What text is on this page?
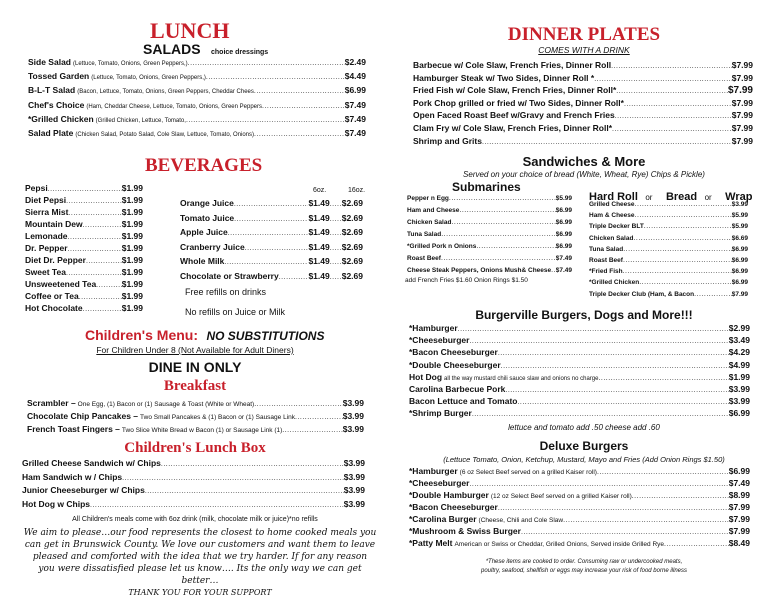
LUNCH
SALADS choice dressings
Side Salad (Lettuce, Tomato, Onions, Green Peppers,) .....	$2.49
Tossed Garden (Lettuce, Tomato, Onions, Green Peppers,) .....	$4.49
B-L-T Salad (Bacon, Lettuce, Tomato, Onions, Green Peppers, Cheddar Chees .....	$6.99
Chef's Choice (Ham, Cheddar Cheese, Lettuce, Tomato, Onions, Green Peppers .....	$7.49
*Grilled Chicken (Grilled Chicken, Lettuce, Tomato, .....	$7.49
Salad Plate (Chicken Salad, Potato Salad, Cole Slaw, Lettuce, Tomato, Onions) .....	$7.49
BEVERAGES
Pepsi .....	$1.99
Diet Pepsi .....	$1.99
Sierra Mist .....	$1.99
Mountain Dew .....	$1.99
Lemonade .....	$1.99
Dr. Pepper .....	$1.99
Diet Dr. Pepper .....	$1.99
Sweet Tea .....	$1.99
Unsweetened Tea .....	$1.99
Coffee or Tea .....	$1.99
Hot Chocolate .....	$1.99
6oz.	16oz.
Orange Juice .....	$1.49 ..... $2.69
Tomato Juice .....	$1.49 ..... $2.69
Apple Juice .....	$1.49 ..... $2.69
Cranberry Juice .....	$1.49 ..... $2.69
Whole Milk .....	$1.49 ..... $2.69
Chocolate or Strawberry .....	$1.49 ..... $2.69
Free refills on drinks
No refills on Juice or Milk
Children's Menu: NO SUBSTITUTIONS
For Children Under 8 (Not Available for Adult Diners)
DINE IN ONLY
Breakfast
Scrambler – One Egg, (1) Bacon or (1) Sausage & Toast (White or Wheat) .....	$3.99
Chocolate Chip Pancakes – Two Small Pancakes & (1) Bacon or (1) Sausage Link .....	$3.99
French Toast Fingers – Two Slice White Bread w Bacon (1) or Sausage Link (1) .....	$3.99
Children's Lunch Box
Grilled Cheese Sandwich w/ Chips .....	$3.99
Ham Sandwich w / Chips .....	$3.99
Junior Cheeseburger w/ Chips .....	$3.99
Hot Dog w Chips .....	$3.99
All Children's meals come with 6oz drink (milk, chocolate milk or juice)*no refills
We aim to please…our food represents the closest to home cooked meals you
can get in Brunswick County. We love our customers and want them to leave
pleased and comforted with the idea that we try harder. If for any reason
you were dissatisfied please let us know…. Its the only way we can get better…
THANK YOU FOR YOUR SUPPORT
DINNER PLATES
COMES WITH A DRINK
Barbecue w/ Cole Slaw, French Fries, Dinner Roll .....	$7.99
Hamburger Steak w/ Two Sides, Dinner Roll * .....	$7.99
Fried Fish w/ Cole Slaw, French Fries, Dinner Roll* .....	$7.99
Pork Chop grilled or fried w/ Two Sides, Dinner Roll* .....	$7.99
Open Faced Roast Beef w/Gravy and French Fries .....	$7.99
Clam Fry w/ Cole Slaw, French Fries, Dinner Roll* .....	$7.99
Shrimp and Grits .....	$7.99
Sandwiches & More
Served on your choice of bread (White, Wheat, Rye) Chips & Pickle)
Submarines
Pepper n Egg .....	$5.99
Ham and Cheese .....	$6.99
Chicken Salad .....	$6.99
Tuna Salad .....	$6.99
*Grilled Pork n Onions .....	$6.99
Roast Beef .....	$7.49
Cheese Steak Peppers, Onions Mush& Cheese ..... $7.49
add French Fries $1.60 Onion Rings $1.50
Hard Roll or Bread or Wrap
Grilled Cheese .....	$3.99
Ham & Cheese .....	$5.99
Triple Decker BLT .....	$5.99
Chicken Salad .....	$6.69
Tuna Salad .....	$6.99
Roast Beef .....	$6.99
*Fried Fish .....	$6.99
*Grilled Chicken .....	$6.99
Triple Decker Club (Ham, & Bacon .....	$7.99
Burgerville Burgers, Dogs and More!!!
*Hamburger .....	$2.99
*Cheeseburger .....	$3.49
*Bacon Cheeseburger .....	$4.29
*Double Cheeseburger .....	$4.99
Hot Dog all the way mustard chili sauce slaw and onions no charge .....	$1.99
Carolina Barbecue Pork .....	$3.99
Bacon Lettuce and Tomato .....	$3.99
*Shrimp Burger .....	$6.99
lettuce and tomato add .50 cheese add .60
Deluxe Burgers
(Lettuce Tomato, Onion, Ketchup, Mustard, Mayo and Fries (Add Onion Rings $1.50)
*Hamburger (6 oz Select Beef served on a grilled Kaiser roll) .....	$6.99
*Cheeseburger .....	$7.49
*Double Hamburger (12 oz Select Beef served on a grilled Kaiser roll) .....	$8.99
*Bacon Cheeseburger .....	$7.99
*Carolina Burger (Cheese, Chili and Cole Slaw .....	$7.99
*Mushroom & Swiss Burger .....	$7.99
*Patty Melt American or Swiss or Cheddar, Grilled Onions, Served inside Grilled Rye .....	$8.49
*These items are cooked to order. Consuming raw or undercooked meats,
poultry, seafood, shellfish or eggs may increase your risk of food borne illness
